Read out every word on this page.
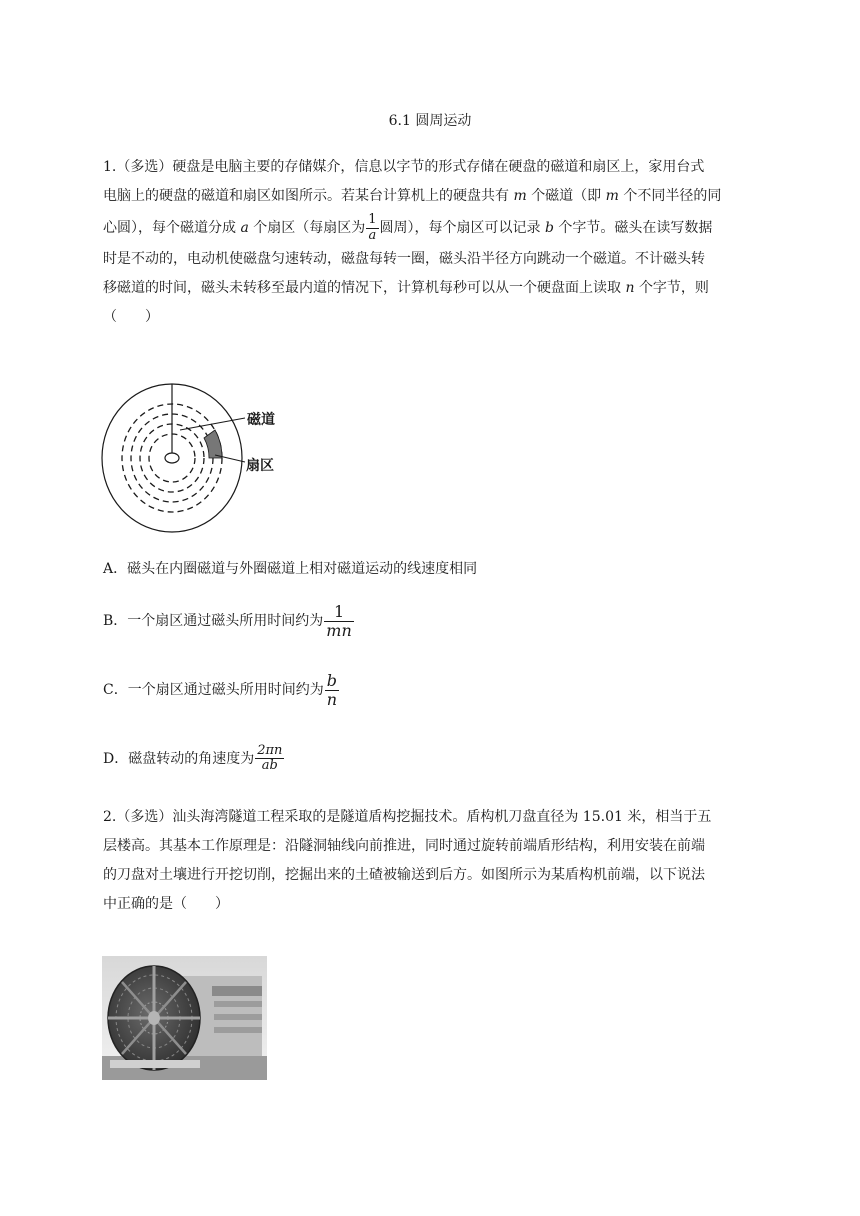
6.1 圆周运动
1.（多选）硬盘是电脑主要的存储媒介，信息以字节的形式存储在硬盘的磁道和扇区上，家用台式
电脑上的硬盘的磁道和扇区如图所示。若某台计算机上的硬盘共有 m 个磁道（即 m 个不同半径的同
心圆），每个磁道分成 a 个扇区（每扇区为 $\frac{1}{a}$ 圆周），每个扇区可以记录 b 个字节。磁头在读写数据
时是不动的，电动机使磁盘匀速转动，磁盘每转一圈，磁头沿半径方向跳动一个磁道。不计磁头转
移磁道的时间，磁头未转移至最内道的情况下，计算机每秒可以从一个硬盘面上读取 n 个字节，则
（　　）
磁道
扇区
A．磁头在内圈磁道与外圈磁道上相对磁道运动的线速度相同
B．一个扇区通过磁头所用时间约为 $\frac{1}{mn}$
C．一个扇区通过磁头所用时间约为 $\frac{b}{n}$
D．磁盘转动的角速度为 $\frac{2\pi n}{ab}$
2.（多选）汕头海湾隧道工程采取的是隧道盾构挖掘技术。盾构机刀盘直径为 15.01 米，相当于五
层楼高。其基本工作原理是：沿隧洞轴线向前推进，同时通过旋转前端盾形结构，利用安装在前端
的刀盘对土壤进行开挖切削，挖掘出来的土碴被输送到后方。如图所示为某盾构机前端，以下说法
中正确的是（　　）
